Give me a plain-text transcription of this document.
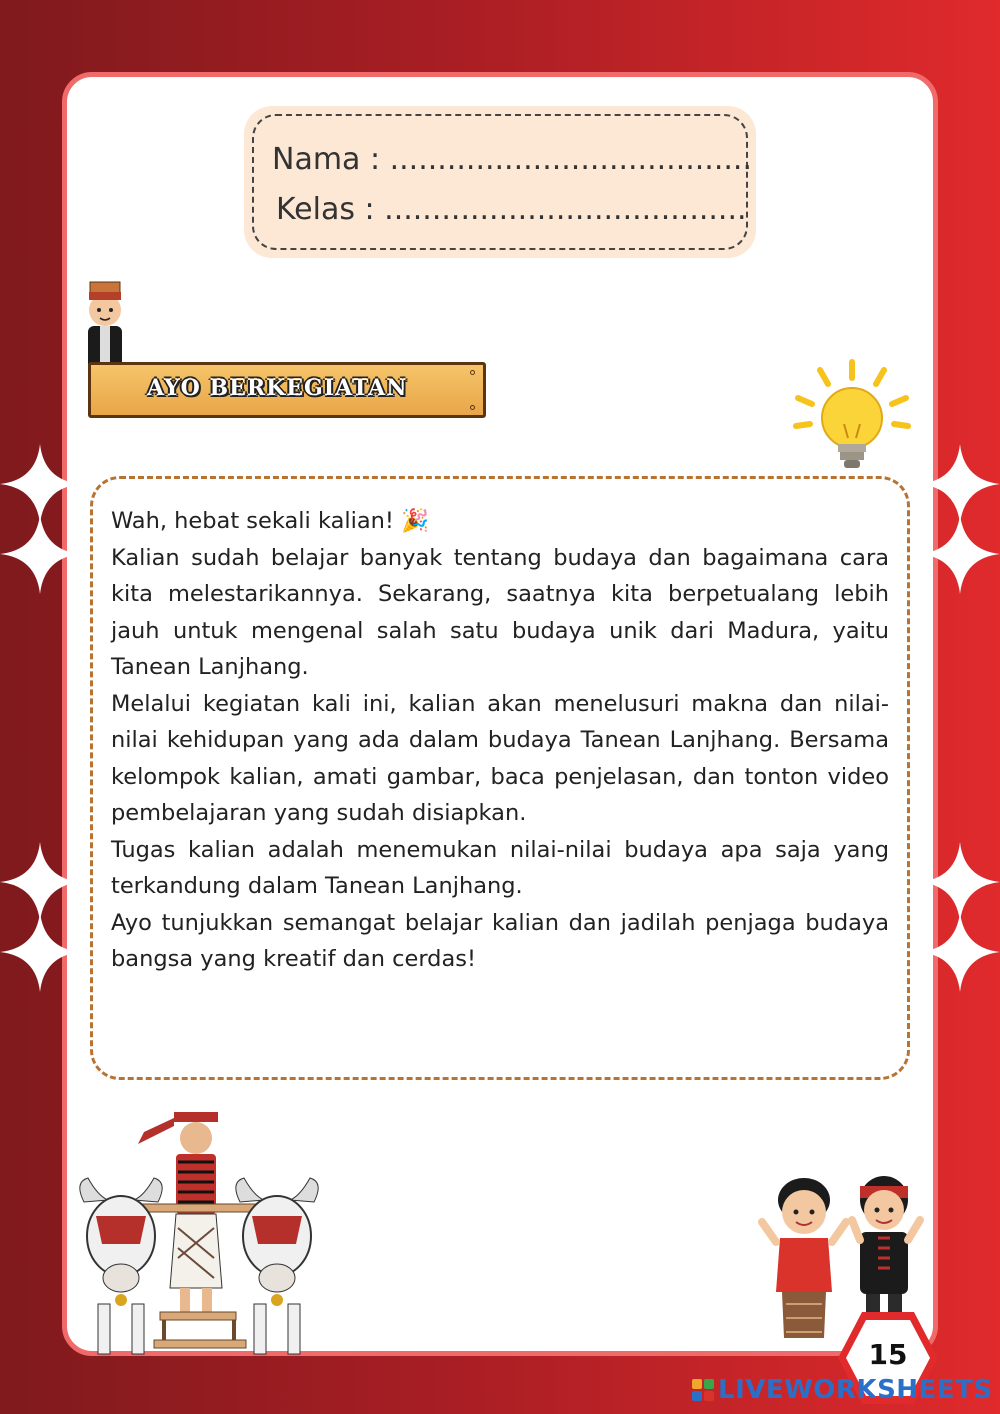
Nama : ......................................
Kelas : ......................................
AYO BERKEGIATAN

Wah, hebat sekali kalian! 🎉

Kalian sudah belajar banyak tentang budaya dan bagaimana cara kita melestarikannya. Sekarang, saatnya kita berpetualang lebih jauh untuk mengenal salah satu budaya unik dari Madura, yaitu Tanean Lanjhang.

Melalui kegiatan kali ini, kalian akan menelusuri makna dan nilai-nilai kehidupan yang ada dalam budaya Tanean Lanjhang. Bersama kelompok kalian, amati gambar, baca penjelasan, dan tonton video pembelajaran yang sudah disiapkan.

Tugas kalian adalah menemukan nilai-nilai budaya apa saja yang terkandung dalam Tanean Lanjhang.

Ayo tunjukkan semangat belajar kalian dan jadilah penjaga budaya bangsa yang kreatif dan cerdas!

15
LIVEWORKSHEETS
